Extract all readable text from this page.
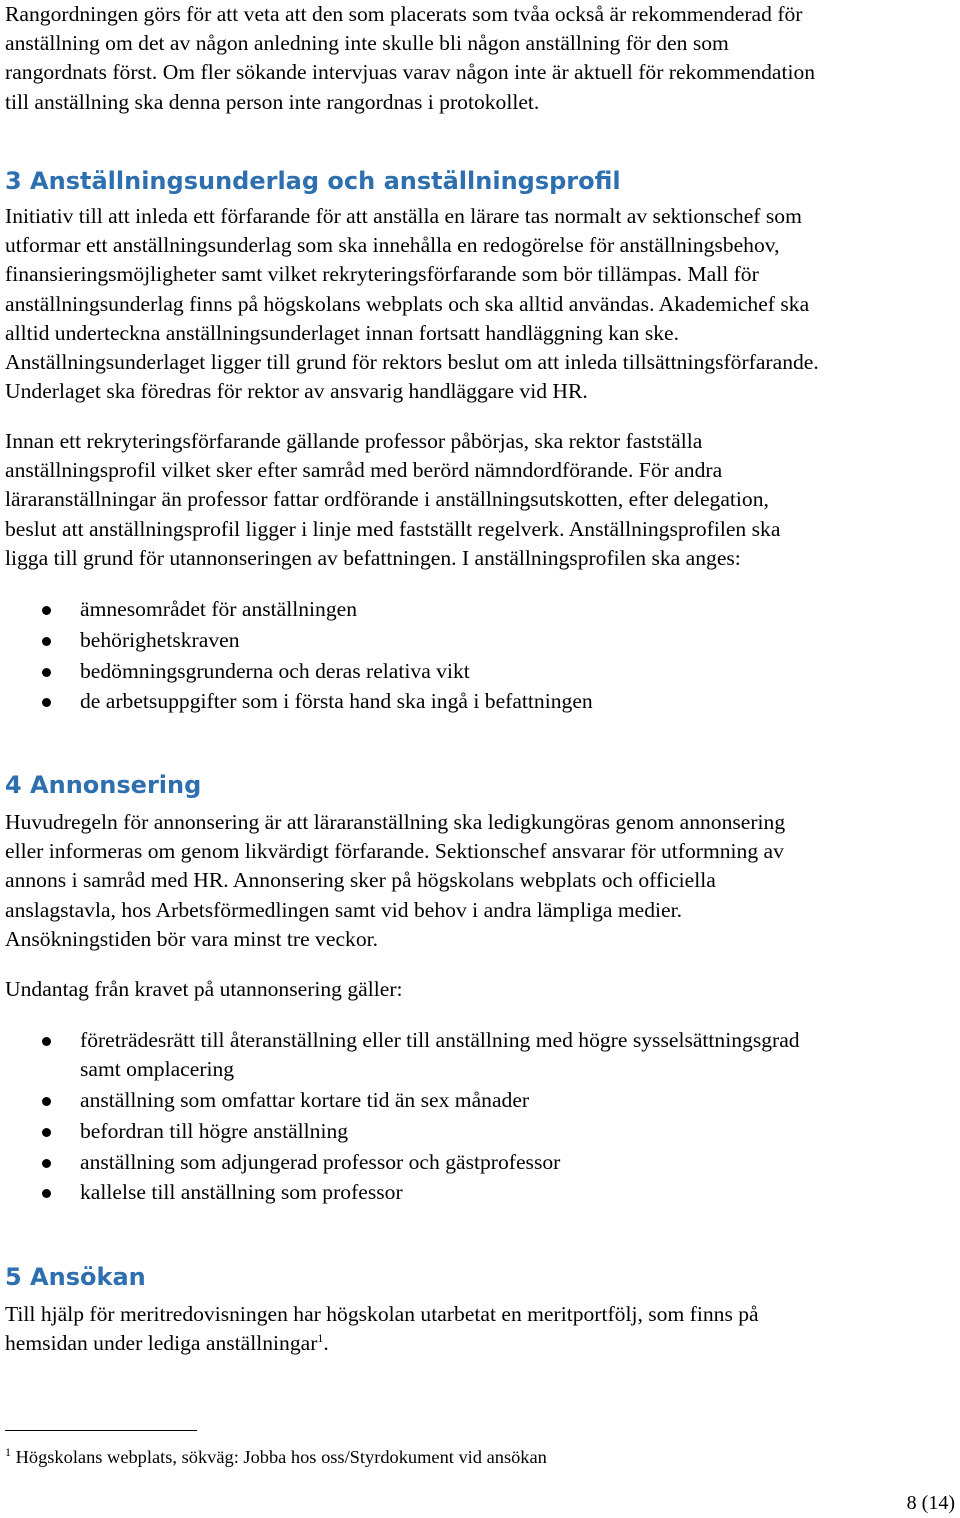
Rangordningen görs för att veta att den som placerats som tvåa också är rekommenderad för
anställning om det av någon anledning inte skulle bli någon anställning för den som
rangordnats först. Om fler sökande intervjuas varav någon inte är aktuell för rekommendation
till anställning ska denna person inte rangordnas i protokollet.

3 Anställningsunderlag och anställningsprofil

Initiativ till att inleda ett förfarande för att anställa en lärare tas normalt av sektionschef som
utformar ett anställningsunderlag som ska innehålla en redogörelse för anställningsbehov,
finansieringsmöjligheter samt vilket rekryteringsförfarande som bör tillämpas. Mall för
anställningsunderlag finns på högskolans webplats och ska alltid användas. Akademichef ska
alltid underteckna anställningsunderlaget innan fortsatt handläggning kan ske.
Anställningsunderlaget ligger till grund för rektors beslut om att inleda tillsättningsförfarande.
Underlaget ska föredras för rektor av ansvarig handläggare vid HR.

Innan ett rekryteringsförfarande gällande professor påbörjas, ska rektor fastställa
anställningsprofil vilket sker efter samråd med berörd nämndordförande. För andra
läraranställningar än professor fattar ordförande i anställningsutskotten, efter delegation,
beslut att anställningsprofil ligger i linje med fastställt regelverk. Anställningsprofilen ska
ligga till grund för utannonseringen av befattningen. I anställningsprofilen ska anges:

ämnesområdet för anställningen
behörighetskraven
bedömningsgrunderna och deras relativa vikt
de arbetsuppgifter som i första hand ska ingå i befattningen
4 Annonsering

Huvudregeln för annonsering är att läraranställning ska ledigkungöras genom annonsering
eller informeras om genom likvärdigt förfarande. Sektionschef ansvarar för utformning av
annons i samråd med HR. Annonsering sker på högskolans webplats och officiella
anslagstavla, hos Arbetsförmedlingen samt vid behov i andra lämpliga medier.
Ansökningstiden bör vara minst tre veckor.

Undantag från kravet på utannonsering gäller:

företrädesrätt till återanställning eller till anställning med högre sysselsättningsgrad
samt omplacering
anställning som omfattar kortare tid än sex månader
befordran till högre anställning
anställning som adjungerad professor och gästprofessor
kallelse till anställning som professor
5 Ansökan

Till hjälp för meritredovisningen har högskolan utarbetat en meritportfölj, som finns på
hemsidan under lediga anställningar$^1$.

$^1$ Högskolans webplats, sökväg: Jobba hos oss/Styrdokument vid ansökan

8 (14)
